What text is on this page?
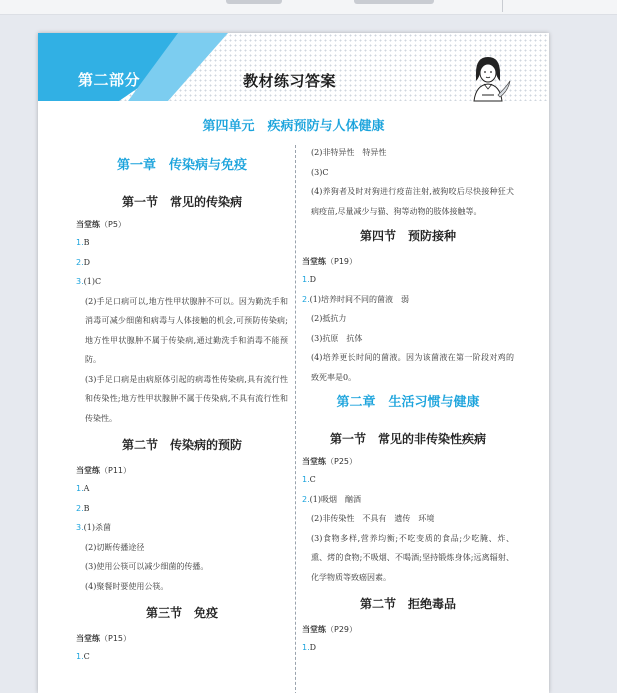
第二部分	教材练习答案
第四单元　疾病预防与人体健康
第一章　传染病与免疫
第一节　常见的传染病
当堂练（P5）
1.B
2.D
3.(1)C
(2)手足口病可以,地方性甲状腺肿不可以。因为勤洗手和消毒可减少细菌和病毒与人体接触的机会,可预防传染病;地方性甲状腺肿不属于传染病,通过勤洗手和消毒不能预防。
(3)手足口病是由病原体引起的病毒性传染病,具有流行性和传染性;地方性甲状腺肿不属于传染病,不具有流行性和传染性。
第二节　传染病的预防
当堂练（P11）
1.A
2.B
3.(1)杀菌
(2)切断传播途径
(3)使用公筷可以减少细菌的传播。
(4)聚餐时要使用公筷。
第三节　免疫
当堂练（P15）
1.C
(2)非特异性　特异性
(3)C
(4)养狗者及时对狗进行疫苗注射,被狗咬后尽快接种狂犬病疫苗,尽量减少与猫、狗等动物的肢体接触等。
第四节　预防接种
当堂练（P19）
1.D
2.(1)培养时间不同的菌液　弱
(2)抵抗力
(3)抗原　抗体
(4)培养更长时间的菌液。因为该菌液在第一阶段对鸡的致死率是0。
第二章　生活习惯与健康
第一节　常见的非传染性疾病
当堂练（P25）
1.C
2.(1)吸烟　酗酒
(2)非传染性　不具有　遗传　环境
(3)食物多样,营养均衡;不吃变质的食品;少吃腌、炸、熏、烤的食物;不吸烟、不喝酒;坚持锻炼身体;远离辐射、化学物质等致癌因素。
第二节　拒绝毒品
当堂练（P29）
1.D
